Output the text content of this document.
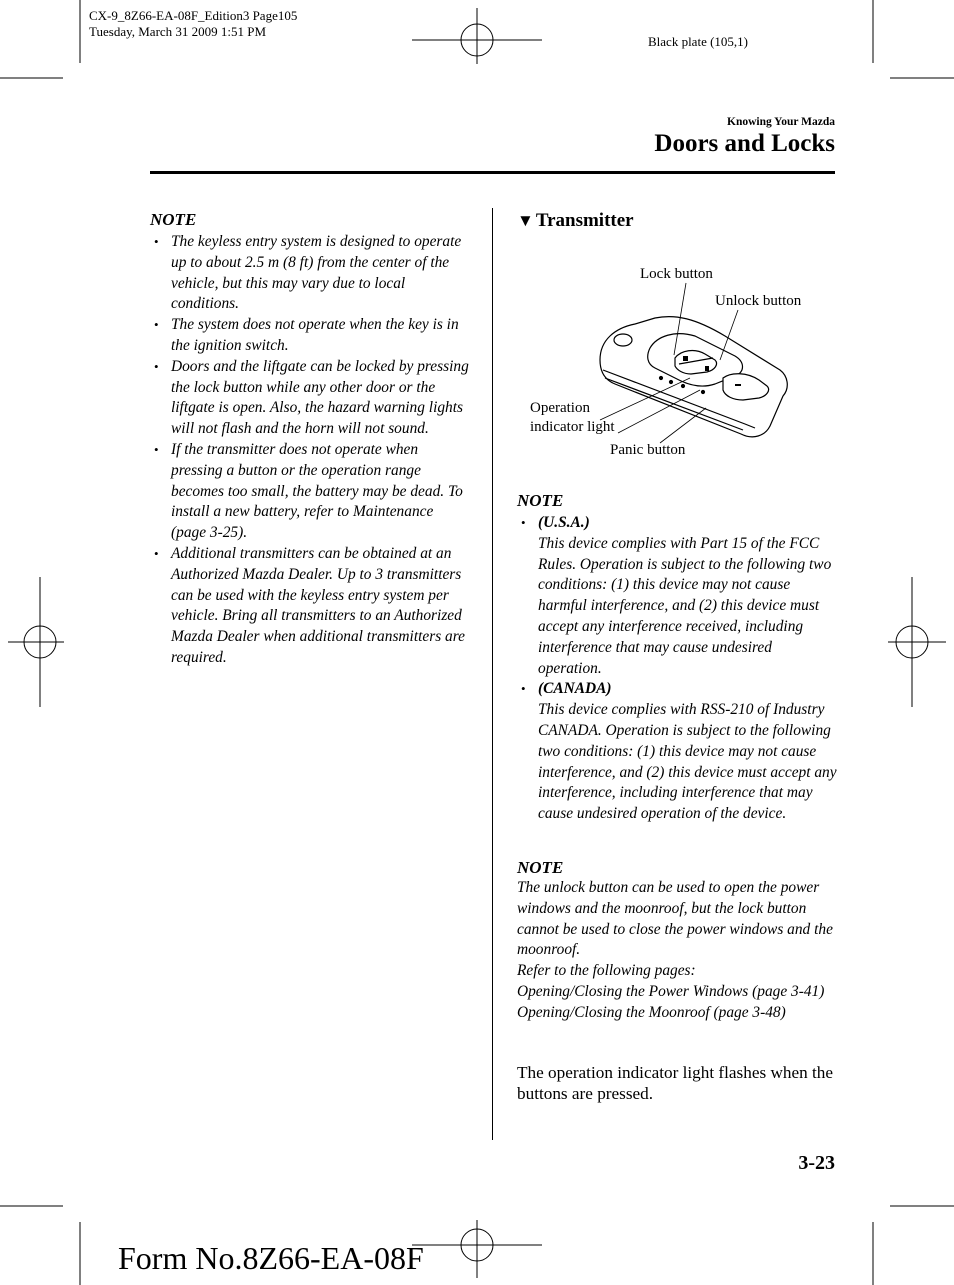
CX-9_8Z66-EA-08F_Edition3 Page105
Tuesday, March 31 2009 1:51 PM
Black plate (105,1)
Knowing Your Mazda
Doors and Locks
NOTE
• The keyless entry system is designed to operate up to about 2.5 m (8 ft) from the center of the vehicle, but this may vary due to local conditions.
• The system does not operate when the key is in the ignition switch.
• Doors and the liftgate can be locked by pressing the lock button while any other door or the liftgate is open. Also, the hazard warning lights will not flash and the horn will not sound.
• If the transmitter does not operate when pressing a button or the operation range becomes too small, the battery may be dead. To install a new battery, refer to Maintenance (page 3-25).
• Additional transmitters can be obtained at an Authorized Mazda Dealer. Up to 3 transmitters can be used with the keyless entry system per vehicle. Bring all transmitters to an Authorized Mazda Dealer when additional transmitters are required.
▼ Transmitter
Lock button
Unlock button
Operation
indicator light
Panic button
NOTE
• (U.S.A.)
This device complies with Part 15 of the FCC Rules. Operation is subject to the following two conditions: (1) this device may not cause harmful interference, and (2) this device must accept any interference received, including interference that may cause undesired operation.
• (CANADA)
This device complies with RSS-210 of Industry CANADA. Operation is subject to the following two conditions: (1) this device may not cause interference, and (2) this device must accept any interference, including interference that may cause undesired operation of the device.
NOTE

The unlock button can be used to open the power windows and the moonroof, but the lock button cannot be used to close the power windows and the moonroof.

Refer to the following pages:

Opening/Closing the Power Windows (page 3-41)

Opening/Closing the Moonroof (page 3-48)

The operation indicator light flashes when the buttons are pressed.
3-23
Form No.8Z66-EA-08F
